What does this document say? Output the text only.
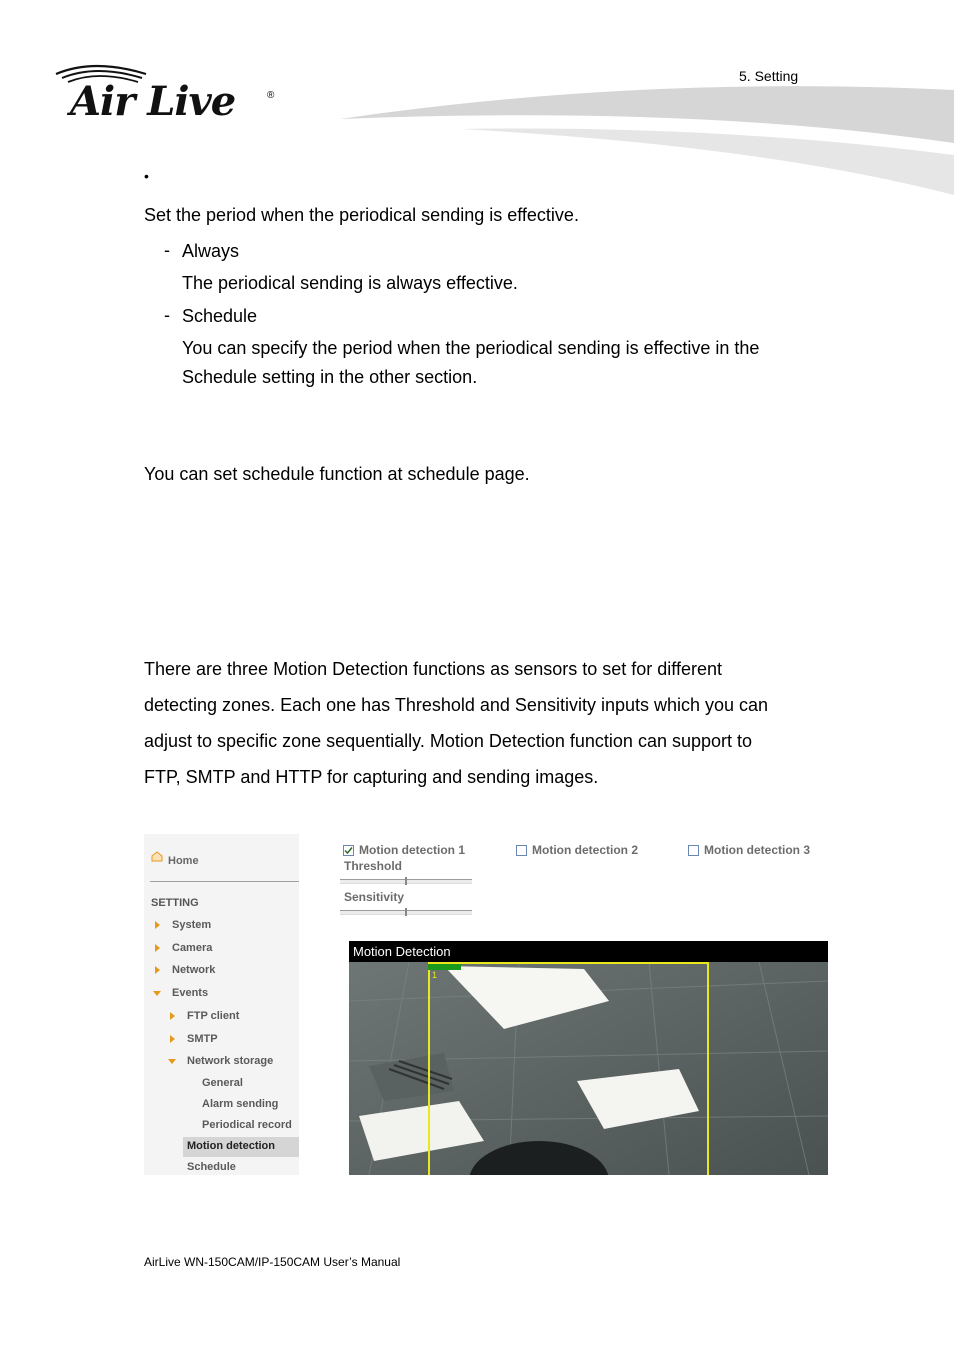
Air Live	®
5. Setting
•
Set the period when the periodical sending is effective.
- Always
The periodical sending is always effective.
- Schedule
You can specify the period when the periodical sending is effective in the
Schedule setting in the other section.
You can set schedule function at schedule page.
There are three Motion Detection functions as sensors to set for different
detecting zones. Each one has Threshold and Sensitivity inputs which you can
adjust to specific zone sequentially. Motion Detection function can support to
FTP, SMTP and HTTP for capturing and sending images.
Home
SETTING
System
Camera
Network
Events
FTP client
SMTP
Network storage
General
Alarm sending
Periodical record
Motion detection
Schedule
Motion detection 1	Motion detection 2	Motion detection 3
Threshold
Sensitivity
Motion Detection
1
AirLive WN-150CAM/IP-150CAM User’s Manual
